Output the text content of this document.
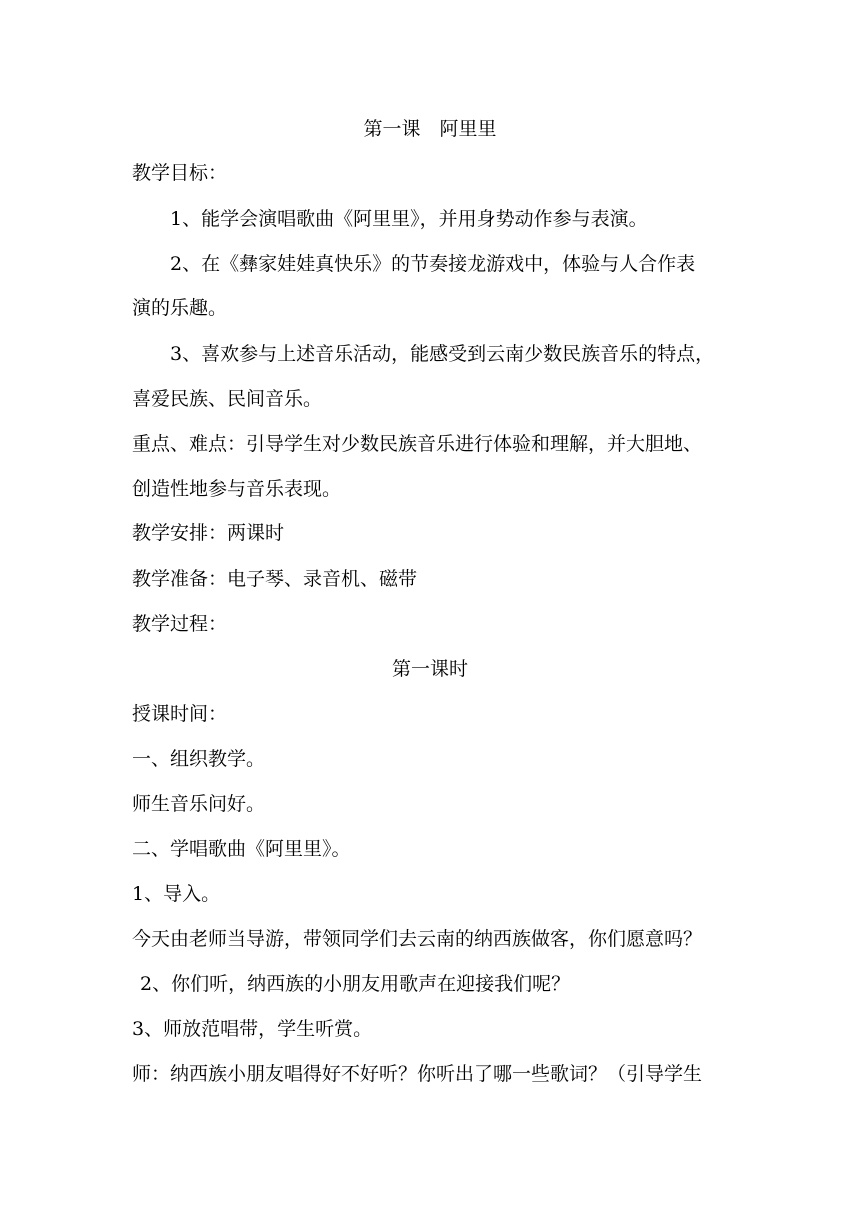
第一课　阿里里
教学目标：
1、能学会演唱歌曲《阿里里》，并用身势动作参与表演。
2、在《彝家娃娃真快乐》的节奏接龙游戏中，体验与人合作表
演的乐趣。
3、喜欢参与上述音乐活动，能感受到云南少数民族音乐的特点，
喜爱民族、民间音乐。
重点、难点：引导学生对少数民族音乐进行体验和理解，并大胆地、
创造性地参与音乐表现。
教学安排：两课时
教学准备：电子琴、录音机、磁带
教学过程：
第一课时
授课时间：
一、组织教学。
师生音乐问好。
二、学唱歌曲《阿里里》。
1、导入。
今天由老师当导游，带领同学们去云南的纳西族做客，你们愿意吗？
2、你们听，纳西族的小朋友用歌声在迎接我们呢？
3、师放范唱带，学生听赏。
师：纳西族小朋友唱得好不好听？你听出了哪一些歌词？（引导学生
